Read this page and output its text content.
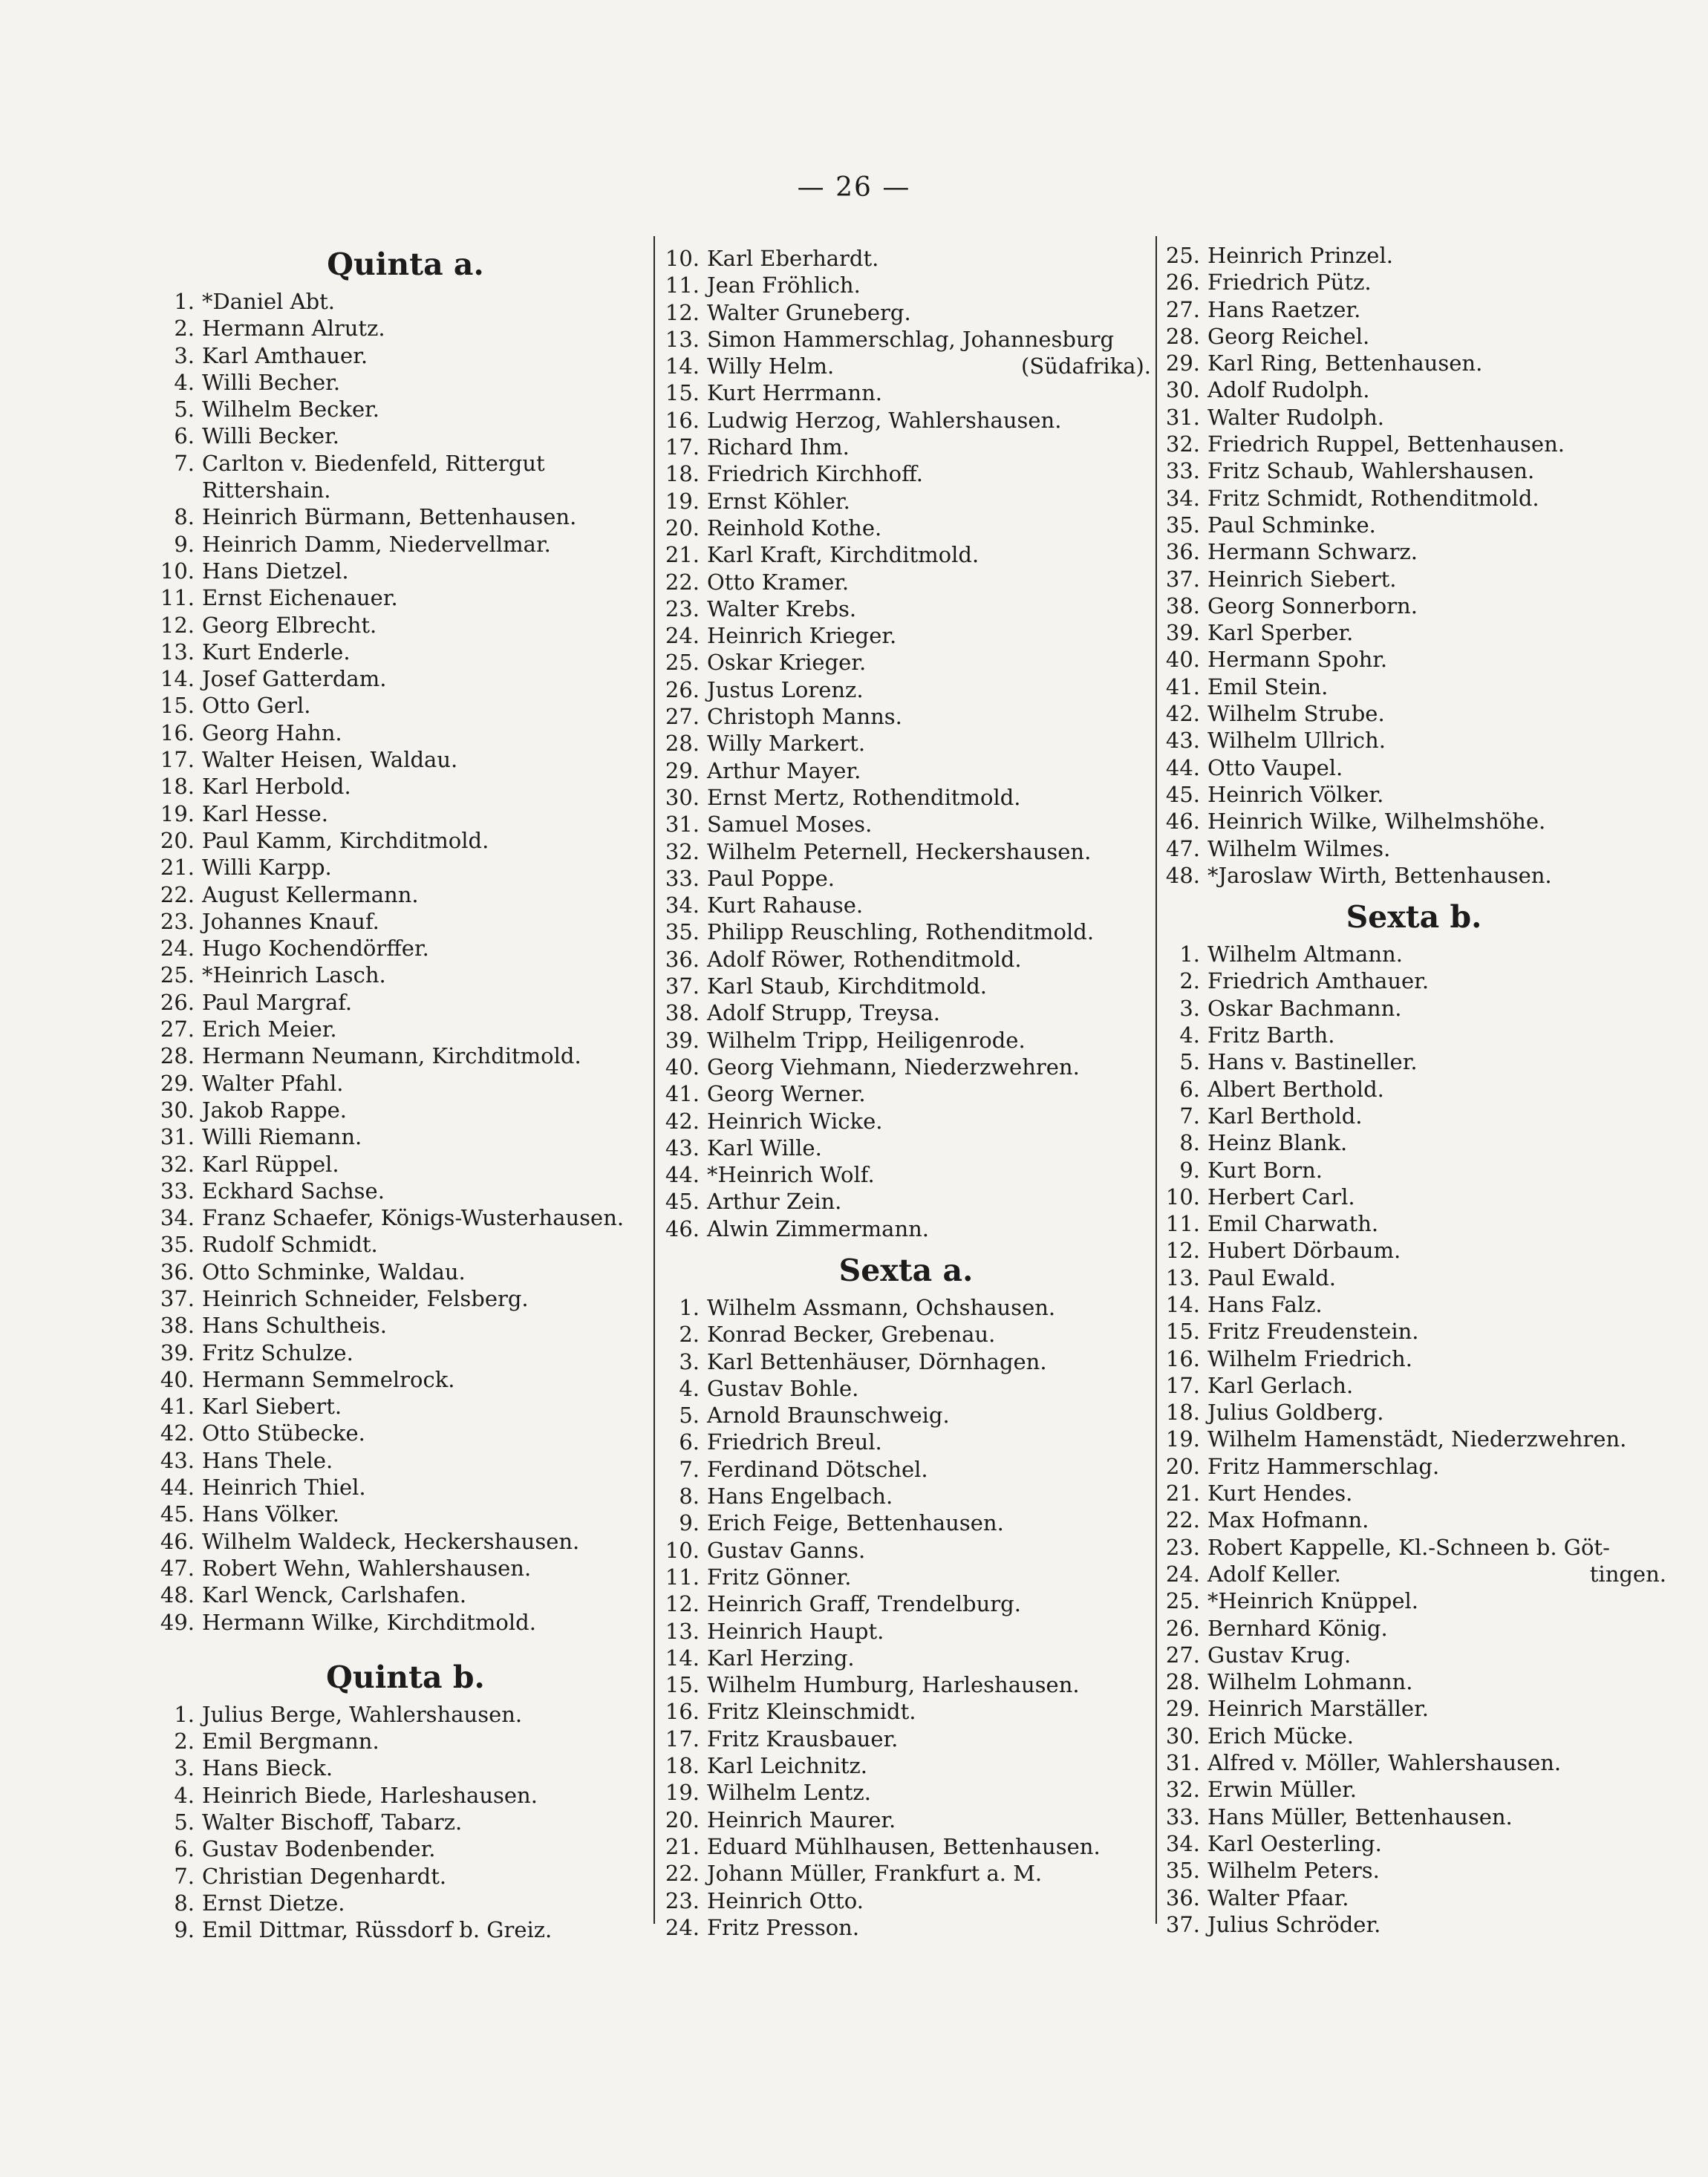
— 26 —
Quinta a.
1. *Daniel Abt.
2. Hermann Alrutz.
3. Karl Amthauer.
4. Willi Becher.
5. Wilhelm Becker.
6. Willi Becker.
7. Carlton v. Biedenfeld, Rittergut
Rittershain.
8. Heinrich Bürmann, Bettenhausen.
9. Heinrich Damm, Niedervellmar.
10. Hans Dietzel.
11. Ernst Eichenauer.
12. Georg Elbrecht.
13. Kurt Enderle.
14. Josef Gatterdam.
15. Otto Gerl.
16. Georg Hahn.
17. Walter Heisen, Waldau.
18. Karl Herbold.
19. Karl Hesse.
20. Paul Kamm, Kirchditmold.
21. Willi Karpp.
22. August Kellermann.
23. Johannes Knauf.
24. Hugo Kochendörffer.
25. *Heinrich Lasch.
26. Paul Margraf.
27. Erich Meier.
28. Hermann Neumann, Kirchditmold.
29. Walter Pfahl.
30. Jakob Rappe.
31. Willi Riemann.
32. Karl Rüppel.
33. Eckhard Sachse.
34. Franz Schaefer, Königs-Wusterhausen.
35. Rudolf Schmidt.
36. Otto Schminke, Waldau.
37. Heinrich Schneider, Felsberg.
38. Hans Schultheis.
39. Fritz Schulze.
40. Hermann Semmelrock.
41. Karl Siebert.
42. Otto Stübecke.
43. Hans Thele.
44. Heinrich Thiel.
45. Hans Völker.
46. Wilhelm Waldeck, Heckershausen.
47. Robert Wehn, Wahlershausen.
48. Karl Wenck, Carlshafen.
49. Hermann Wilke, Kirchditmold.
Quinta b.
1. Julius Berge, Wahlershausen.
2. Emil Bergmann.
3. Hans Bieck.
4. Heinrich Biede, Harleshausen.
5. Walter Bischoff, Tabarz.
6. Gustav Bodenbender.
7. Christian Degenhardt.
8. Ernst Dietze.
9. Emil Dittmar, Rüssdorf b. Greiz.
10. Karl Eberhardt.
11. Jean Fröhlich.
12. Walter Gruneberg.
13. Simon Hammerschlag, Johannesburg
14. Willy Helm.	(Südafrika).
15. Kurt Herrmann.
16. Ludwig Herzog, Wahlershausen.
17. Richard Ihm.
18. Friedrich Kirchhoff.
19. Ernst Köhler.
20. Reinhold Kothe.
21. Karl Kraft, Kirchditmold.
22. Otto Kramer.
23. Walter Krebs.
24. Heinrich Krieger.
25. Oskar Krieger.
26. Justus Lorenz.
27. Christoph Manns.
28. Willy Markert.
29. Arthur Mayer.
30. Ernst Mertz, Rothenditmold.
31. Samuel Moses.
32. Wilhelm Peternell, Heckershausen.
33. Paul Poppe.
34. Kurt Rahause.
35. Philipp Reuschling, Rothenditmold.
36. Adolf Röwer, Rothenditmold.
37. Karl Staub, Kirchditmold.
38. Adolf Strupp, Treysa.
39. Wilhelm Tripp, Heiligenrode.
40. Georg Viehmann, Niederzwehren.
41. Georg Werner.
42. Heinrich Wicke.
43. Karl Wille.
44. *Heinrich Wolf.
45. Arthur Zein.
46. Alwin Zimmermann.
Sexta a.
1. Wilhelm Assmann, Ochshausen.
2. Konrad Becker, Grebenau.
3. Karl Bettenhäuser, Dörnhagen.
4. Gustav Bohle.
5. Arnold Braunschweig.
6. Friedrich Breul.
7. Ferdinand Dötschel.
8. Hans Engelbach.
9. Erich Feige, Bettenhausen.
10. Gustav Ganns.
11. Fritz Gönner.
12. Heinrich Graff, Trendelburg.
13. Heinrich Haupt.
14. Karl Herzing.
15. Wilhelm Humburg, Harleshausen.
16. Fritz Kleinschmidt.
17. Fritz Krausbauer.
18. Karl Leichnitz.
19. Wilhelm Lentz.
20. Heinrich Maurer.
21. Eduard Mühlhausen, Bettenhausen.
22. Johann Müller, Frankfurt a. M.
23. Heinrich Otto.
24. Fritz Presson.
25. Heinrich Prinzel.
26. Friedrich Pütz.
27. Hans Raetzer.
28. Georg Reichel.
29. Karl Ring, Bettenhausen.
30. Adolf Rudolph.
31. Walter Rudolph.
32. Friedrich Ruppel, Bettenhausen.
33. Fritz Schaub, Wahlershausen.
34. Fritz Schmidt, Rothenditmold.
35. Paul Schminke.
36. Hermann Schwarz.
37. Heinrich Siebert.
38. Georg Sonnerborn.
39. Karl Sperber.
40. Hermann Spohr.
41. Emil Stein.
42. Wilhelm Strube.
43. Wilhelm Ullrich.
44. Otto Vaupel.
45. Heinrich Völker.
46. Heinrich Wilke, Wilhelmshöhe.
47. Wilhelm Wilmes.
48. *Jaroslaw Wirth, Bettenhausen.
Sexta b.
1. Wilhelm Altmann.
2. Friedrich Amthauer.
3. Oskar Bachmann.
4. Fritz Barth.
5. Hans v. Bastineller.
6. Albert Berthold.
7. Karl Berthold.
8. Heinz Blank.
9. Kurt Born.
10. Herbert Carl.
11. Emil Charwath.
12. Hubert Dörbaum.
13. Paul Ewald.
14. Hans Falz.
15. Fritz Freudenstein.
16. Wilhelm Friedrich.
17. Karl Gerlach.
18. Julius Goldberg.
19. Wilhelm Hamenstädt, Niederzwehren.
20. Fritz Hammerschlag.
21. Kurt Hendes.
22. Max Hofmann.
23. Robert Kappelle, Kl.-Schneen b. Göt-
24. Adolf Keller.	tingen.
25. *Heinrich Knüppel.
26. Bernhard König.
27. Gustav Krug.
28. Wilhelm Lohmann.
29. Heinrich Marställer.
30. Erich Mücke.
31. Alfred v. Möller, Wahlershausen.
32. Erwin Müller.
33. Hans Müller, Bettenhausen.
34. Karl Oesterling.
35. Wilhelm Peters.
36. Walter Pfaar.
37. Julius Schröder.
